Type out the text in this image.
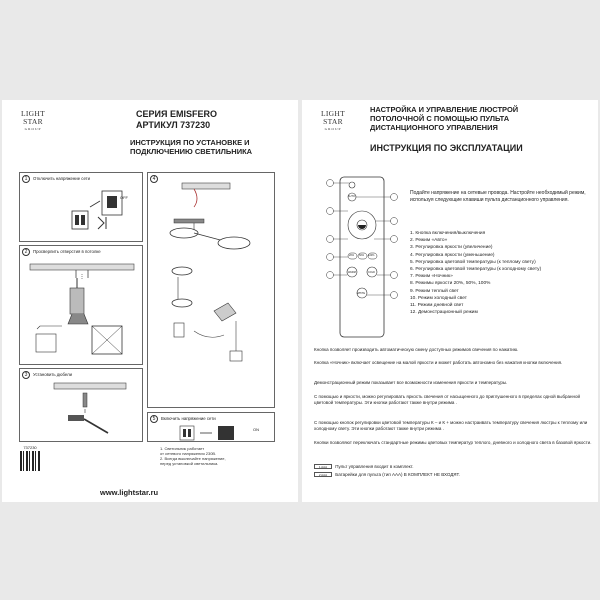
LIGHT
STAR
GROUP
СЕРИЯ EMISFERO
АРТИКУЛ 737230
ИНСТРУКЦИЯ ПО УСТАНОВКЕ И
ПОДКЛЮЧЕНИЮ СВЕТИЛЬНИКА
1	Отключить напряжение сети
OFF
2	Просверлить отверстия в потолке
3	Установить дюбели
4
5	Включить напряжение сети
ON
737230	1. Светильник работает
от сетевого напряжения 230В.
2. Всегда выключайте напряжение,
перед установкой светильника.
www.lightstar.ru
LIGHT
STAR
GROUP
НАСТРОЙКА И УПРАВЛЕНИЕ ЛЮСТРОЙ
ПОТОЛОЧНОЙ С ПОМОЩЬЮ ПУЛЬТА
ДИСТАНЦИОННОГО УПРАВЛЕНИЯ
ИНСТРУКЦИЯ ПО ЭКСПЛУАТАЦИИ
AUTO
20% 50% 100%
WARM	COLD
WHITE
Подайте напряжение на сетевые провода. Настройте необходимый режим, используя следующие клавиши пульта дистанционного управления.
1. Кнопка включения/выключения
2. Режим «Авто»
3. Регулировка яркости (увеличение)
4. Регулировка яркости (уменьшение)
5. Регулировка цветовой температуры (к теплому свету)
6. Регулировка цветовой температуры (к холодному свету)
7. Режим «Ночник»
8. Режимы яркости 20%, 50%, 100%
9. Режим теплый свет
10. Режим холодный свет
11. Режим дневной свет
12. Демонстрационный режим
Кнопка позволяет производить автоматическую смену доступных режимов свечения по нажатию.
Кнопка «Ночник» включает освещение на малой яркости и может работать автономно без нажатия кнопки включения.
Демонстрационный режим показывает все возможности изменения яркости и температуры.
С помощью и яркости, можно регулировать яркость свечения от насыщенного до приглушенного в пределах одной выбранной цветовой температуры. Эти кнопки работают также внутри режима .
С помощью кнопок регулировки цветовой температуры К – и К + можно настраивать температуру свечения люстры к теплому или холодному свету. Эти кнопки работают также внутри режима .
Кнопки позволяют переключать стандартные режимы цветовых температур теплого, дневного и холодного света в базовой яркости.
1 AAA Пульт управления входит в комплект.
2 AAA Батарейки для пульта (тип ААА) В КОМПЛЕКТ НЕ ВХОДЯТ.
